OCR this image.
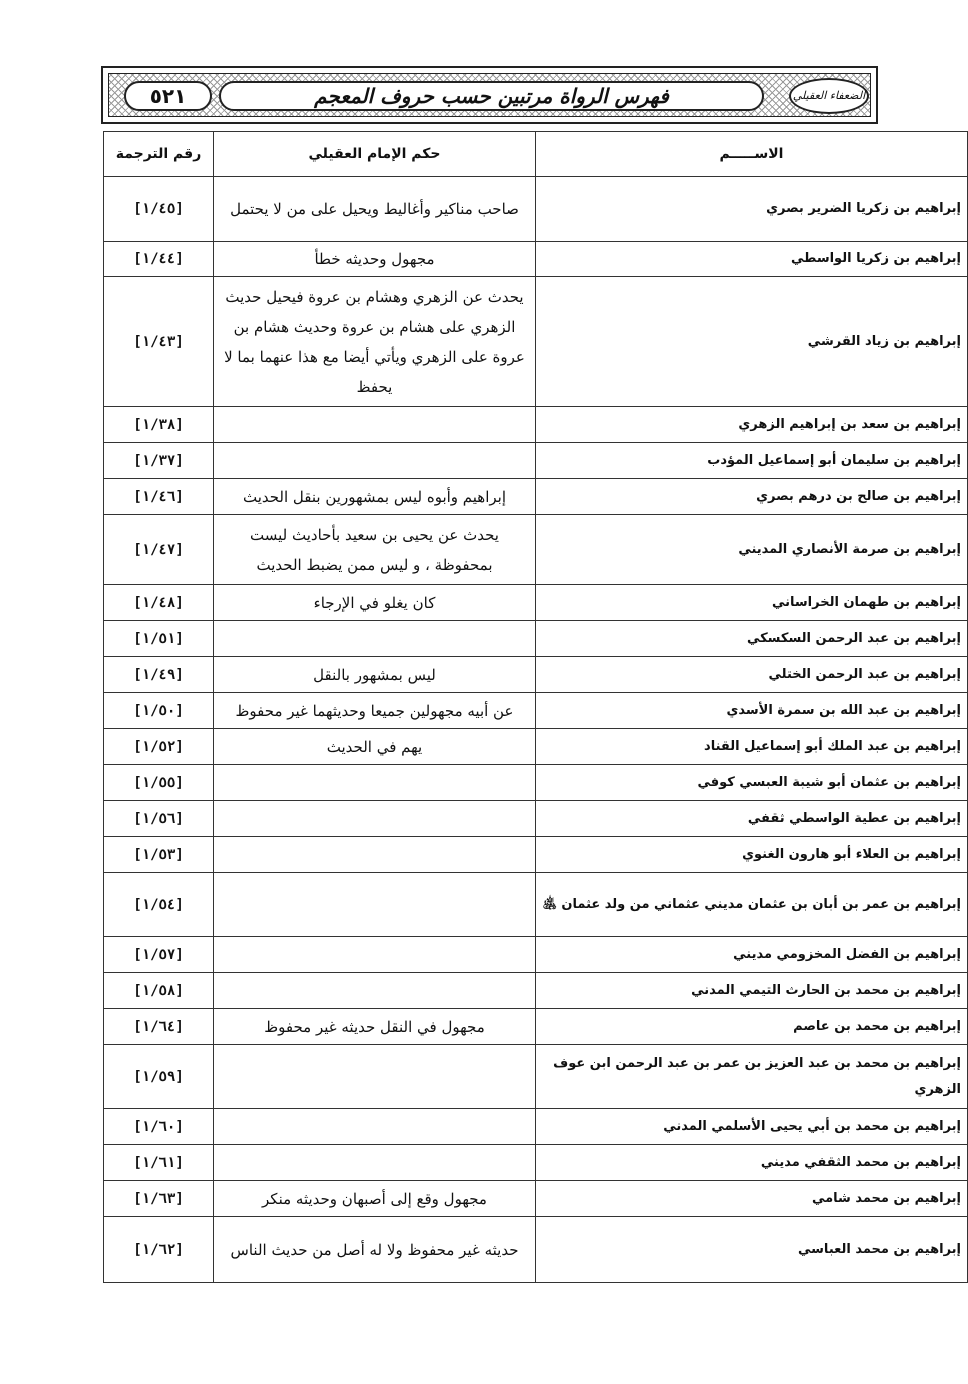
٥٢١	فهرس الرواة مرتبين حسب حروف المعجم	الضعفاء العقيلي
رقم الترجمة	حكم الإمام العقيلي	الاســـــم
[١/٤٥]	صاحب مناكير وأغاليط ويحيل على من لا يحتمل	إبراهيم بن زكريا الضرير بصري
[١/٤٤]	مجهول وحديثه خطأ	إبراهيم بن زكريا الواسطي
[١/٤٣]	يحدث عن الزهري وهشام بن عروة فيحيل حديث الزهري على هشام بن عروة وحديث هشام بن عروة على الزهري ويأتي أيضا مع هذا عنهما بما لا يحفظ	إبراهيم بن زياد القرشي
[١/٣٨]		إبراهيم بن سعد بن إبراهيم الزهري
[١/٣٧]		إبراهيم بن سليمان أبو إسماعيل المؤدب
[١/٤٦]	إبراهيم وأبوه ليس بمشهورين بنقل الحديث	إبراهيم بن صالح بن درهم بصري
[١/٤٧]	يحدث عن يحيى بن سعيد بأحاديث ليست بمحفوظة ، و ليس ممن يضبط الحديث	إبراهيم بن صرمة الأنصاري المديني
[١/٤٨]	كان يغلو في الإرجاء	إبراهيم بن طهمان الخراساني
[١/٥١]		إبراهيم بن عبد الرحمن السكسكي
[١/٤٩]	ليس بمشهور بالنقل	إبراهيم بن عبد الرحمن الختلي
[١/٥٠]	عن أبيه مجهولين جميعا وحديثهما غير محفوظ	إبراهيم بن عبد الله بن سمرة الأسدي
[١/٥٢]	يهم في الحديث	إبراهيم بن عبد الملك أبو إسماعيل القناد
[١/٥٥]		إبراهيم بن عثمان أبو شيبة العبسي كوفي
[١/٥٦]		إبراهيم بن عطية الواسطي ثقفي
[١/٥٣]		إبراهيم بن العلاء أبو هارون الغنوي
[١/٥٤]		إبراهيم بن عمر بن أبان بن عثمان مديني عثماني من ولد عثمان ﵁
[١/٥٧]		إبراهيم بن الفضل المخزومي مديني
[١/٥٨]		إبراهيم بن محمد بن الحارث التيمي المدني
[١/٦٤]	مجهول في النقل حديثه غير محفوظ	إبراهيم بن محمد بن عاصم
[١/٥٩]		إبراهيم بن محمد بن عبد العزيز بن عمر بن عبد الرحمن ابن عوف الزهري
[١/٦٠]		إبراهيم بن محمد بن أبي يحيى الأسلمي المدني
[١/٦١]		إبراهيم بن محمد الثقفي مديني
[١/٦٣]	مجهول وقع إلى أصبهان وحديثه منكر	إبراهيم بن محمد شامي
[١/٦٢]	حديثه غير محفوظ ولا له أصل من حديث الناس	إبراهيم بن محمد العباسي
